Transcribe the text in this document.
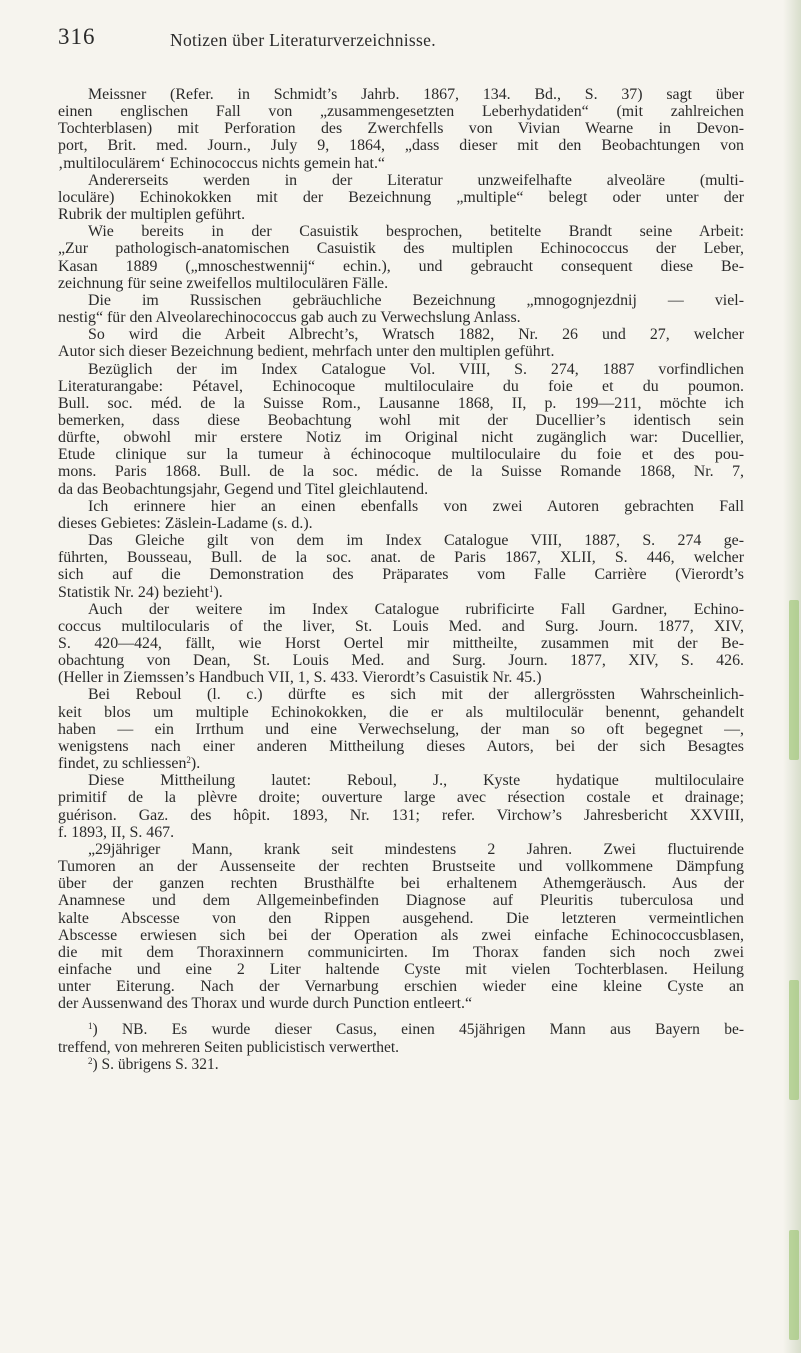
316	Notizen über Literaturverzeichnisse.
Meissner (Refer. in Schmidt’s Jahrb. 1867, 134. Bd., S. 37) sagt über
einen englischen Fall von „zusammengesetzten Leberhydatiden“ (mit zahlreichen
Tochterblasen) mit Perforation des Zwerchfells von Vivian Wearne in Devon-
port, Brit. med. Journ., July 9, 1864, „dass dieser mit den Beobachtungen von
‚multiloculärem‘ Echinococcus nichts gemein hat.“
Andererseits werden in der Literatur unzweifelhafte alveoläre (multi-
loculäre) Echinokokken mit der Bezeichnung „multiple“ belegt oder unter der
Rubrik der multiplen geführt.
Wie bereits in der Casuistik besprochen, betitelte Brandt seine Arbeit:
„Zur pathologisch-anatomischen Casuistik des multiplen Echinococcus der Leber,
Kasan 1889 („mnoschestwennij“ echin.), und gebraucht consequent diese Be-
zeichnung für seine zweifellos multiloculären Fälle.
Die im Russischen gebräuchliche Bezeichnung „mnogognjezdnij — viel-
nestig“ für den Alveolarechinococcus gab auch zu Verwechslung Anlass.
So wird die Arbeit Albrecht’s, Wratsch 1882, Nr. 26 und 27, welcher
Autor sich dieser Bezeichnung bedient, mehrfach unter den multiplen geführt.
Bezüglich der im Index Catalogue Vol. VIII, S. 274, 1887 vorfindlichen
Literaturangabe: Pétavel, Echinocoque multiloculaire du foie et du poumon.
Bull. soc. méd. de la Suisse Rom., Lausanne 1868, II, p. 199—211, möchte ich
bemerken, dass diese Beobachtung wohl mit der Ducellier’s identisch sein
dürfte, obwohl mir erstere Notiz im Original nicht zugänglich war: Ducellier,
Etude clinique sur la tumeur à échinocoque multiloculaire du foie et des pou-
mons. Paris 1868. Bull. de la soc. médic. de la Suisse Romande 1868, Nr. 7,
da das Beobachtungsjahr, Gegend und Titel gleichlautend.
Ich erinnere hier an einen ebenfalls von zwei Autoren gebrachten Fall
dieses Gebietes: Zäslein-Ladame (s. d.).
Das Gleiche gilt von dem im Index Catalogue VIII, 1887, S. 274 ge-
führten, Bousseau, Bull. de la soc. anat. de Paris 1867, XLII, S. 446, welcher
sich auf die Demonstration des Präparates vom Falle Carrière (Vierordt’s
Statistik Nr. 24) bezieht$^1$).
Auch der weitere im Index Catalogue rubrificirte Fall Gardner, Echino-
coccus multilocularis of the liver, St. Louis Med. and Surg. Journ. 1877, XIV,
S. 420—424, fällt, wie Horst Oertel mir mittheilte, zusammen mit der Be-
obachtung von Dean, St. Louis Med. and Surg. Journ. 1877, XIV, S. 426.
(Heller in Ziemssen’s Handbuch VII, 1, S. 433. Vierordt’s Casuistik Nr. 45.)
Bei Reboul (l. c.) dürfte es sich mit der allergrössten Wahrscheinlich-
keit blos um multiple Echinokokken, die er als multiloculär benennt, gehandelt
haben — ein Irrthum und eine Verwechselung, der man so oft begegnet —,
wenigstens nach einer anderen Mittheilung dieses Autors, bei der sich Besagtes
findet, zu schliessen$^2$).
Diese Mittheilung lautet: Reboul, J., Kyste hydatique multiloculaire
primitif de la plèvre droite; ouverture large avec résection costale et drainage;
guérison. Gaz. des hôpit. 1893, Nr. 131; refer. Virchow’s Jahresbericht XXVIII,
f. 1893, II, S. 467.
„29jähriger Mann, krank seit mindestens 2 Jahren. Zwei fluctuirende
Tumoren an der Aussenseite der rechten Brustseite und vollkommene Dämpfung
über der ganzen rechten Brusthälfte bei erhaltenem Athemgeräusch. Aus der
Anamnese und dem Allgemeinbefinden Diagnose auf Pleuritis tuberculosa und
kalte Abscesse von den Rippen ausgehend. Die letzteren vermeintlichen
Abscesse erwiesen sich bei der Operation als zwei einfache Echinococcusblasen,
die mit dem Thoraxinnern communicirten. Im Thorax fanden sich noch zwei
einfache und eine 2 Liter haltende Cyste mit vielen Tochterblasen. Heilung
unter Eiterung. Nach der Vernarbung erschien wieder eine kleine Cyste an
der Aussenwand des Thorax und wurde durch Punction entleert.“
$^1$) NB. Es wurde dieser Casus, einen 45jährigen Mann aus Bayern be-
treffend, von mehreren Seiten publicistisch verwerthet.
$^2$) S. übrigens S. 321.
